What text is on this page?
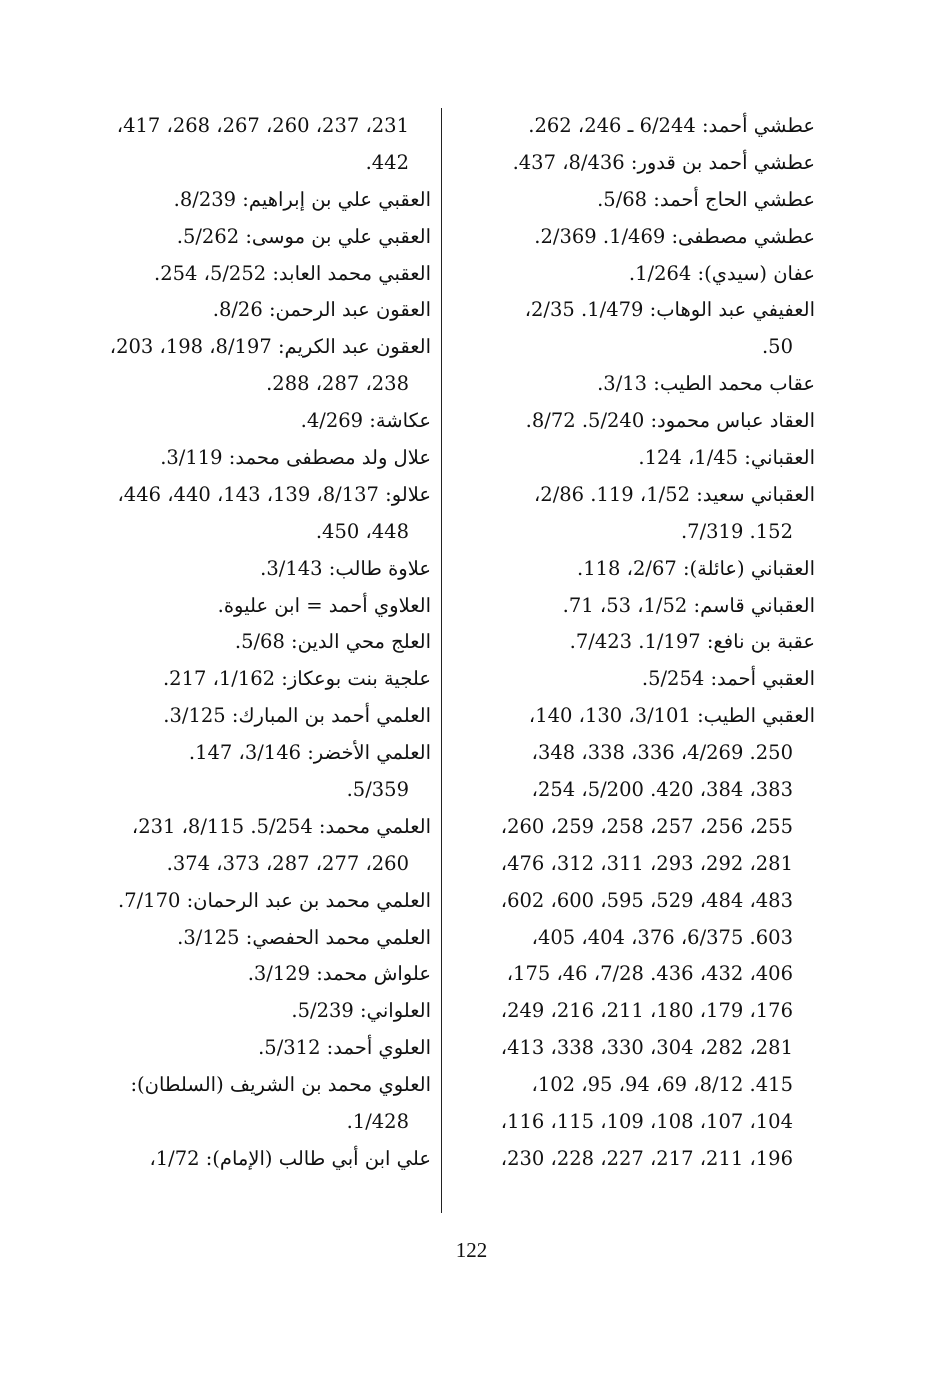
عطشي أحمد: 6/244 ـ 246، 262.
عطشي أحمد بن قدور: 8/436، 437.
عطشي الحاج أحمد: 5/68.
عطشي مصطفى: 1/469. 2/369.
عفان (سيدي): 1/264.
العفيفي عبد الوهاب: 1/479. 2/35،
50.
عقاب محمد الطيب: 3/13.
العقاد عباس محمود: 5/240. 8/72.
العقباني: 1/45، 124.
العقباني سعيد: 1/52، 119. 2/86،
152. 7/319.
العقباني (عائلة): 2/67، 118.
العقباني قاسم: 1/52، 53، 71.
عقبة بن نافع: 1/197. 7/423.
العقبي أحمد: 5/254.
العقبي الطيب: 3/101، 130، 140،
250. 4/269، 336، 338، 348،
383، 384، 420. 5/200، 254،
255، 256، 257، 258، 259، 260،
281، 292، 293، 311، 312، 476،
483، 484، 529، 595، 600، 602،
603. 6/375، 376، 404، 405،
406، 432، 436. 7/28، 46، 175،
176، 179، 180، 211، 216، 249،
281، 282، 304، 330، 338، 413،
415. 8/12، 69، 94، 95، 102،
104، 107، 108، 109، 115، 116،
196، 211، 217، 227، 228، 230،
231، 237، 260، 267، 268، 417،
442.
العقبي علي بن إبراهيم: 8/239.
العقبي علي بن موسى: 5/262.
العقبي محمد العابد: 5/252، 254.
العقون عبد الرحمن: 8/26.
العقون عبد الكريم: 8/197، 198، 203،
238، 287، 288.
عكاشة: 4/269.
علال ولد مصطفى محمد: 3/119.
علالو: 8/137، 139، 143، 440، 446،
448، 450.
علاوة طالب: 3/143.
العلاوي أحمد = ابن عليوة.
العلج محي الدين: 5/68.
علجية بنت بوعكاز: 1/162، 217.
العلمي أحمد بن المبارك: 3/125.
العلمي الأخضر: 3/146، 147.
5/359.
العلمي محمد: 5/254. 8/115، 231،
260، 277، 287، 373، 374.
العلمي محمد بن عبد الرحمان: 7/170.
العلمي محمد الحفصي: 3/125.
علواش محمد: 3/129.
العلواني: 5/239.
العلوي أحمد: 5/312.
العلوي محمد بن الشريف (السلطان):
1/428.
علي ابن أبي طالب (الإمام): 1/72،
122
